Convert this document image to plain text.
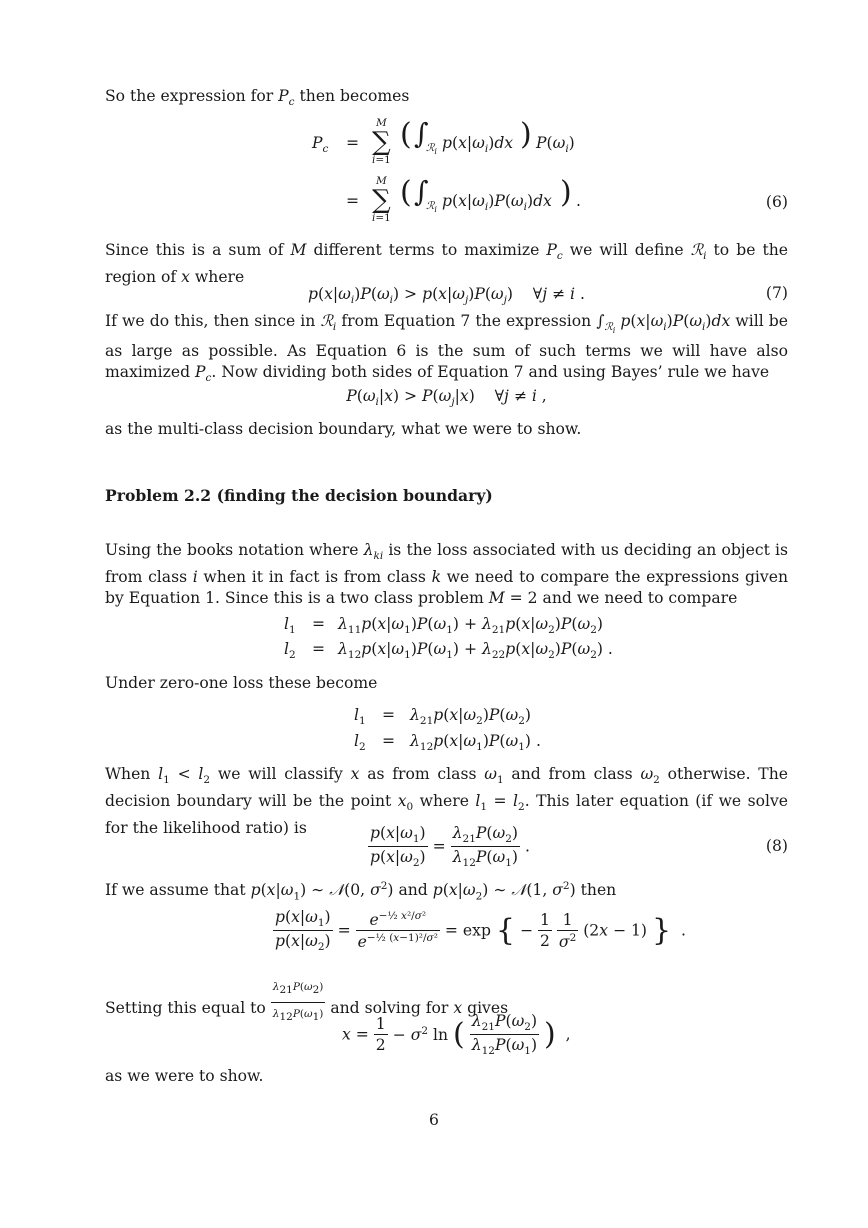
So the expression for $P_c$ then becomes
$P_c$ =
M
∑
i=1
( ∫
ℛ$_i$ $p(x|\omega_i)dx$ ) $P(\omega_i)$
=
M
∑
i=1
( ∫
ℛ$_i$ $p(x|\omega_i)P(\omega_i)dx$ ) .	(6)
Since this is a sum of M different terms to maximize $P_c$ we will define ℛ$_i$ to be the region of x where
$p(x|\omega_i)P(\omega_i) > p(x|\omega_j)P(\omega_j)$    ∀j ≠ i .	(7)
If we do this, then since in ℛ$_i$ from Equation 7 the expression $\int_{ℛ_i}$ $p(x|\omega_i)P(\omega_i)dx$ will be as large as possible. As Equation 6 is the sum of such terms we will have also maximized $P_c$. Now dividing both sides of Equation 7 and using Bayes’ rule we have
$P(\omega_i|x) > P(\omega_j|x)$    ∀j ≠ i ,
as the multi-class decision boundary, what we were to show.
Problem 2.2 (finding the decision boundary)
Using the books notation where $\lambda_{ki}$ is the loss associated with us deciding an object is from class i when it in fact is from class k we need to compare the expressions given by Equation 1. Since this is a two class problem M = 2 and we need to compare
$l_1 = \lambda_{11}p(x|\omega_1)P(\omega_1) + \lambda_{21}p(x|\omega_2)P(\omega_2)$
$l_2 = \lambda_{12}p(x|\omega_1)P(\omega_1) + \lambda_{22}p(x|\omega_2)P(\omega_2)$ .
Under zero-one loss these become
$l_1 = \lambda_{21}p(x|\omega_2)P(\omega_2)$
$l_2 = \lambda_{12}p(x|\omega_1)P(\omega_1)$ .
When $l_1 < l_2$ we will classify x as from class $\omega_1$ and from class $\omega_2$ otherwise. The decision boundary will be the point $x_0$ where $l_1 = l_2$. This later equation (if we solve for the likelihood ratio) is	$\frac{p(x|\omega_1)}{p(x|\omega_2)} = \frac{\lambda_{21}P(\omega_2)}{\lambda_{12}P(\omega_1)}$ .	(8)
If we assume that $p(x|\omega_1)$ ∼ 𝒩(0, $\sigma^2$) and $p(x|\omega_2)$ ∼ 𝒩(1, $\sigma^2$) then
$\frac{p(x|\omega_1)}{p(x|\omega_2)} = \frac{e^{-\frac{1}{2} x^2/\sigma^2}}{e^{-\frac{1}{2} (x-1)^2/\sigma^2}} = \exp$ { − $\frac{1}{2}$
$\frac{1}{\sigma^2} (2x - 1)$ }  .
Setting this equal to $\frac{\lambda_{21}P(\omega_2)}{\lambda_{12}P(\omega_1)}$ and solving for x gives
$x = \frac{1}{2} - \sigma^2$ ln ( $\frac{\lambda_{21}P(\omega_2)}{\lambda_{12}P(\omega_1)}$ )  ,
as we were to show.
6
